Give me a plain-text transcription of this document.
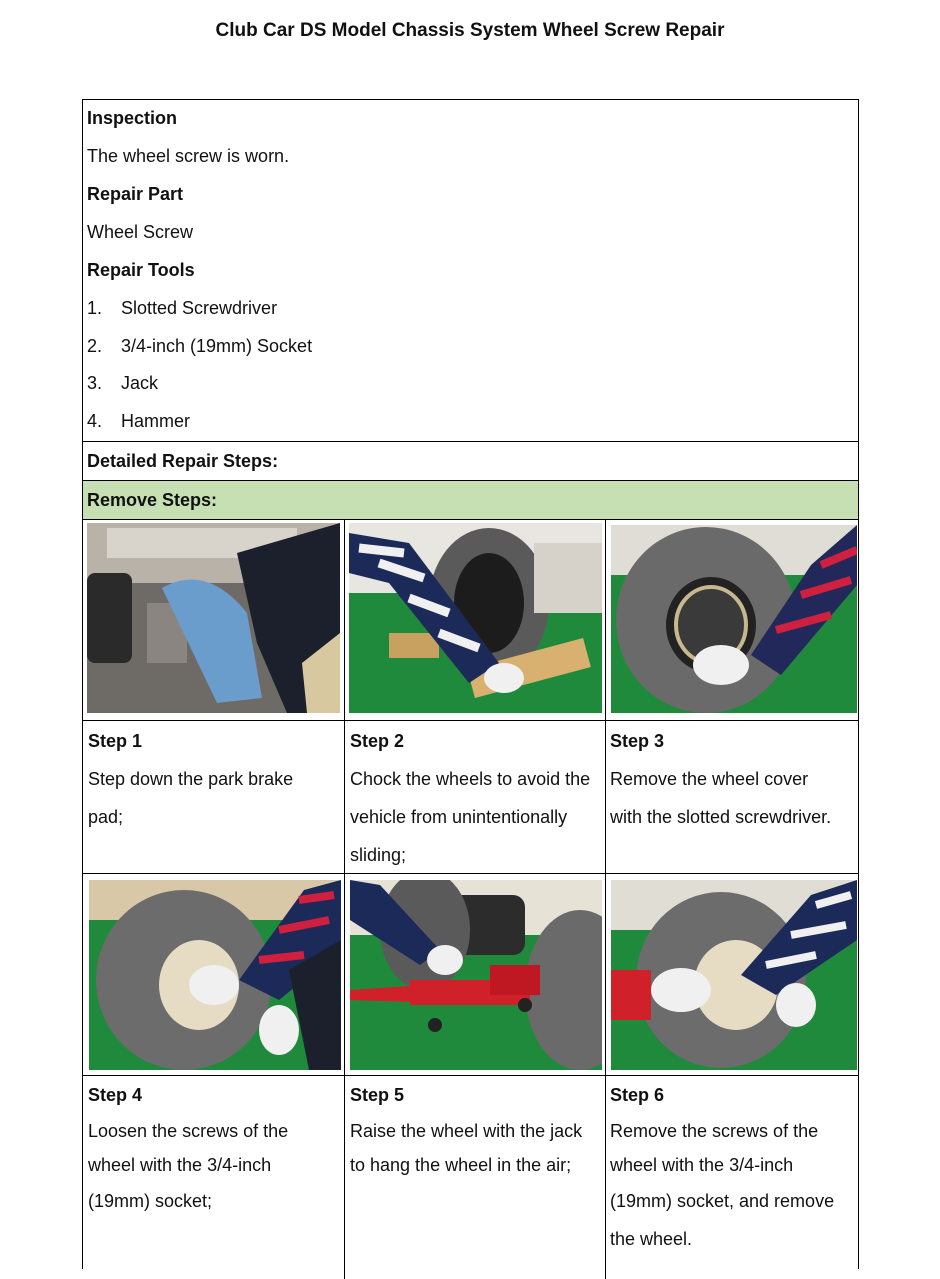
Club Car DS Model Chassis System Wheel Screw Repair
Inspection
The wheel screw is worn.
Repair Part
Wheel Screw
Repair Tools
1. Slotted Screwdriver
2. 3/4-inch (19mm) Socket
3. Jack
4. Hammer
Detailed Repair Steps:
Remove Steps:
Step 1
Step down the park brake
pad;
Step 2
Chock the wheels to avoid the
vehicle from unintentionally
sliding;
Step 3
Remove the wheel cover
with the slotted screwdriver.
Step 4
Loosen the screws of the
wheel with the 3/4-inch
(19mm) socket;
Step 5
Raise the wheel with the jack
to hang the wheel in the air;
Step 6
Remove the screws of the
wheel with the 3/4-inch
(19mm) socket, and remove
the wheel.
